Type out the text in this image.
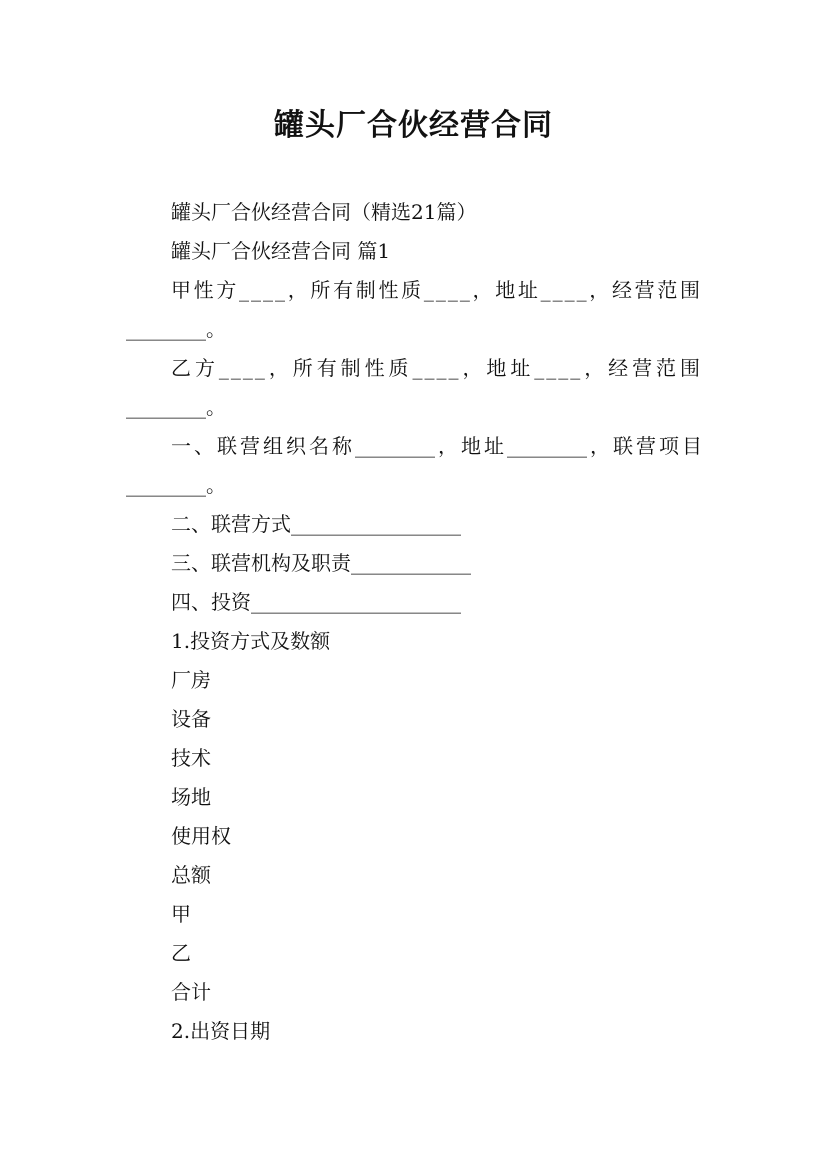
罐头厂合伙经营合同
罐头厂合伙经营合同（精选21篇）
罐头厂合伙经营合同 篇1
甲性方____，所有制性质____，地址____，经营范围
________。
乙方____，所有制性质____，地址____，经营范围
________。
一、联营组织名称________，地址________，联营项目
________。
二、联营方式_________________
三、联营机构及职责____________
四、投资_____________________
1.投资方式及数额
厂房
设备
技术
场地
使用权
总额
甲
乙
合计
2.出资日期
